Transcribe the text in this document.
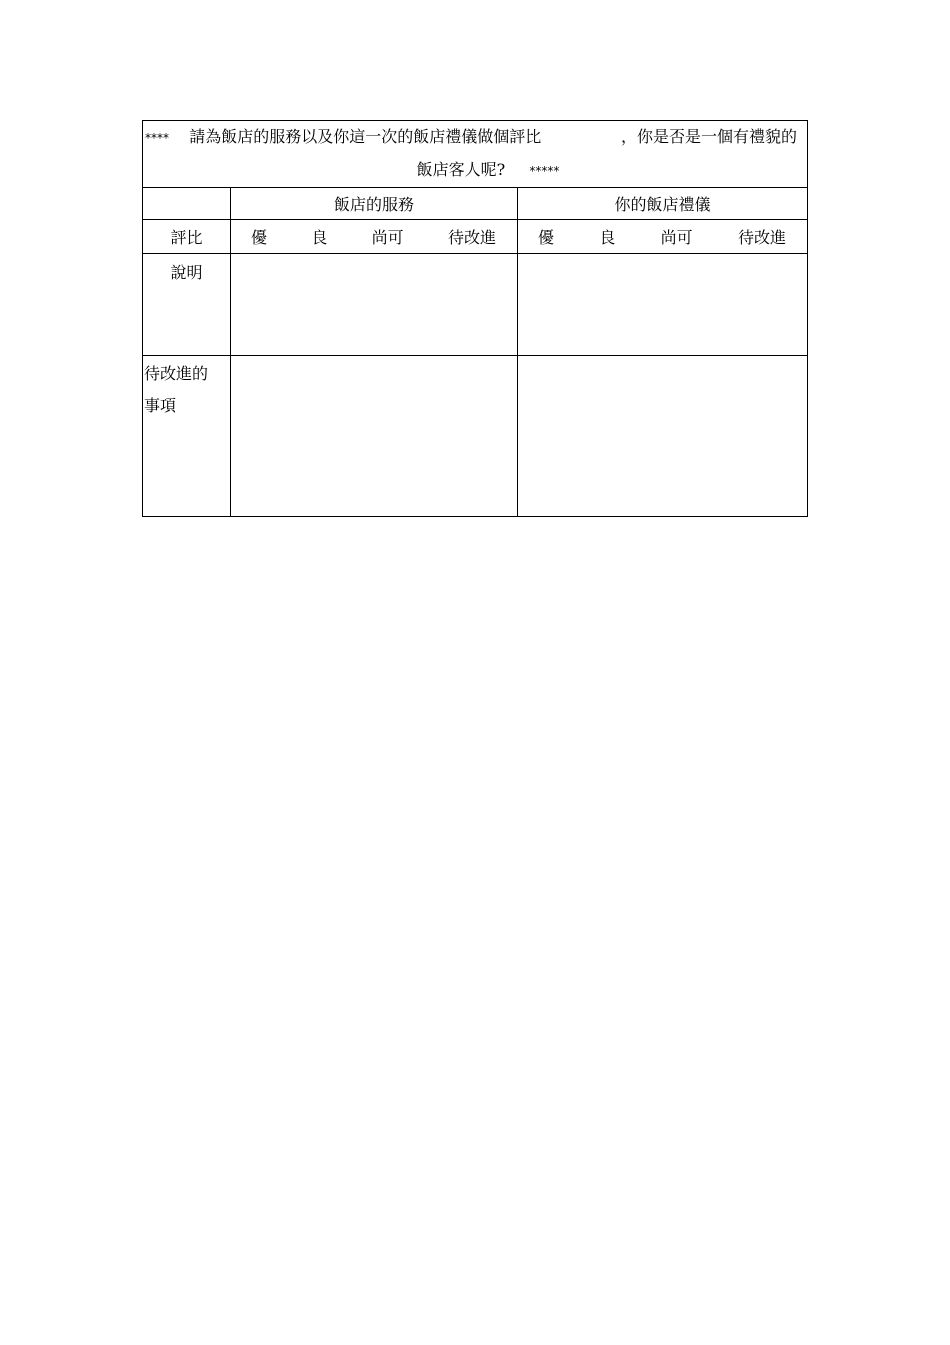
**** 請為飯店的服務以及你這一次的飯店禮儀做個評比 ，你是否是一個有禮貌的
飯店客人呢? *****		

	飯店的服務	你的飯店禮儀
評比	優 良 尚可 待改進	優 良 尚可 待改進

說明		

待改進的
事項		
